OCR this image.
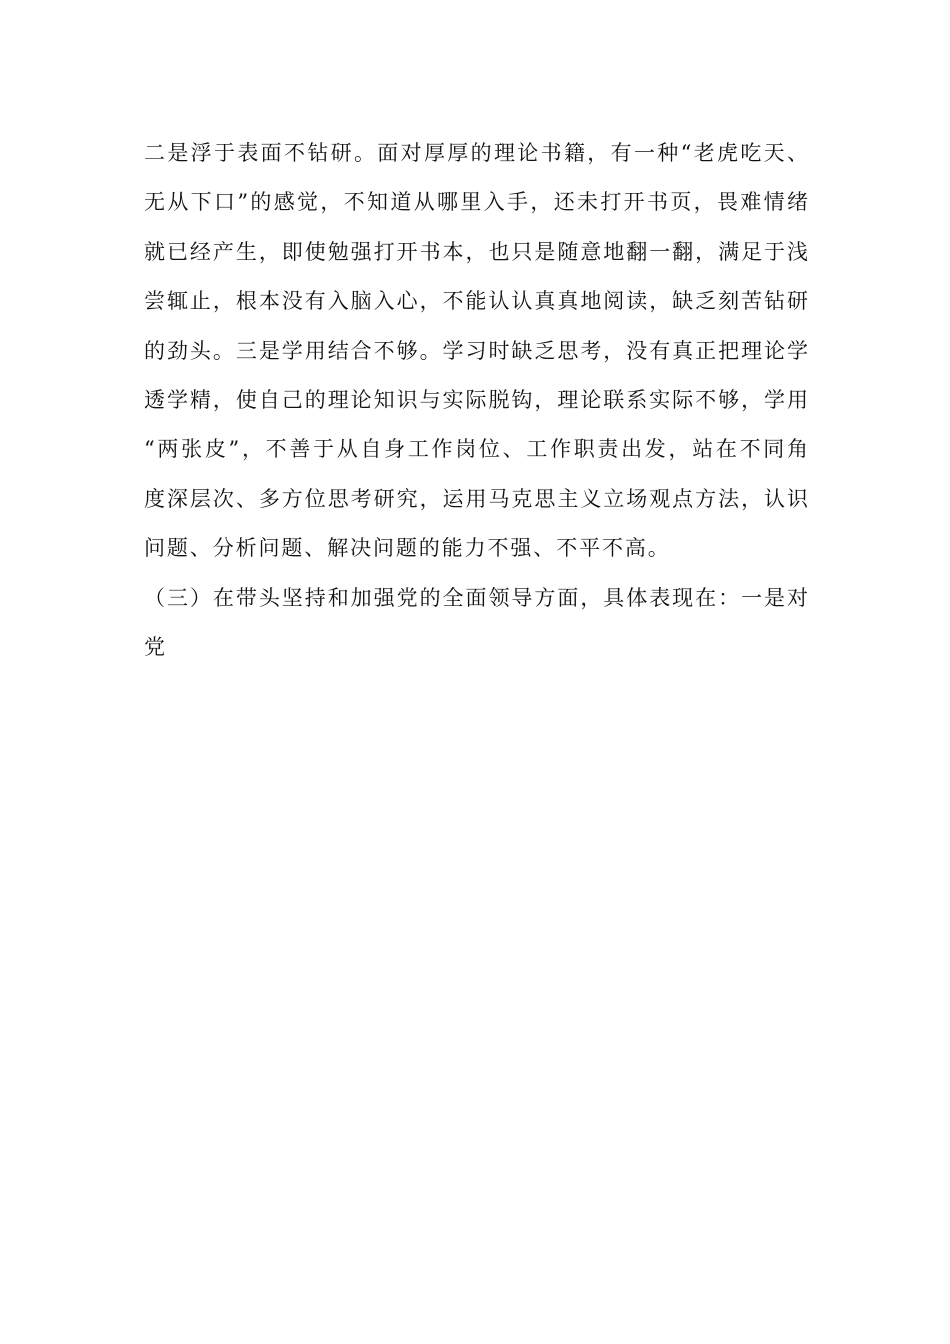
二是浮于表面不钻研。面对厚厚的理论书籍，有一种“老虎吃天、
无从下口”的感觉，不知道从哪里入手，还未打开书页，畏难情绪
就已经产生，即使勉强打开书本，也只是随意地翻一翻，满足于浅
尝辄止，根本没有入脑入心，不能认认真真地阅读，缺乏刻苦钻研
的劲头。三是学用结合不够。学习时缺乏思考，没有真正把理论学
透学精，使自己的理论知识与实际脱钩，理论联系实际不够，学用
“两张皮”，不善于从自身工作岗位、工作职责出发，站在不同角
度深层次、多方位思考研究，运用马克思主义立场观点方法，认识
问题、分析问题、解决问题的能力不强、不平不高。
（三）在带头坚持和加强党的全面领导方面，具体表现在：一是对
党
